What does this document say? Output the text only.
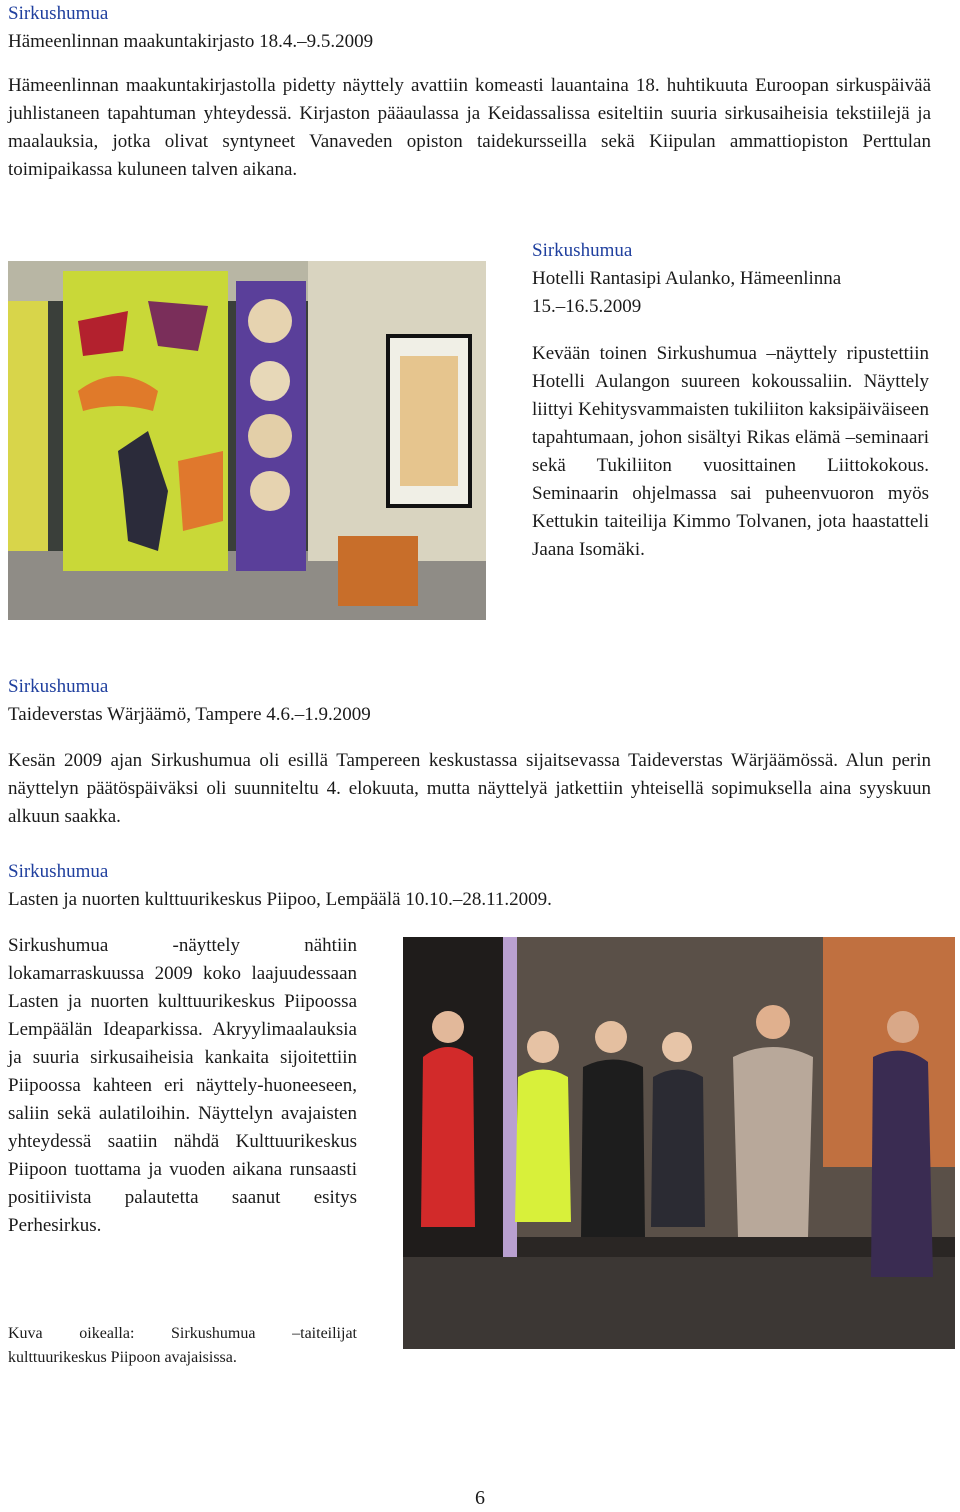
Sirkushumua
Hämeenlinnan maakuntakirjasto 18.4.–9.5.2009

Hämeenlinnan maakuntakirjastolla pidetty näyttely avattiin komeasti lauantaina 18. huhtikuuta Euroopan sirkuspäivää juhlistaneen tapahtuman yhteydessä. Kirjaston pääaulassa ja Keidassalissa esiteltiin suuria sirkusaiheisia tekstiilejä ja maalauksia, jotka olivat syntyneet Vanaveden opiston taidekursseilla sekä Kiipulan ammattiopiston Perttulan toimipaikassa kuluneen talven aikana.

Sirkushumua
Hotelli Rantasipi Aulanko, Hämeenlinna
15.–16.5.2009

Kevään toinen Sirkushumua –näyttely ripustettiin Hotelli Aulangon suureen kokoussaliin. Näyttely liittyi Kehitysvammaisten tukiliiton kaksipäiväiseen tapahtumaan, johon sisältyi Rikas elämä –seminaari sekä Tukiliiton vuosittainen Liittokokous. Seminaarin ohjelmassa sai puheenvuoron myös Kettukin taiteilija Kimmo Tolvanen, jota haastatteli Jaana Isomäki.

Sirkushumua
Taideverstas Wärjäämö, Tampere 4.6.–1.9.2009

Kesän 2009 ajan Sirkushumua oli esillä Tampereen keskustassa sijaitsevassa Taideverstas Wärjäämössä. Alun perin näyttelyn päätöspäiväksi oli suunniteltu 4. elokuuta, mutta näyttelyä jatkettiin yhteisellä sopimuksella aina syyskuun alkuun saakka.

Sirkushumua
Lasten ja nuorten kulttuurikeskus Piipoo, Lempäälä 10.10.–28.11.2009.

Sirkushumua -näyttely nähtiin lokamarraskuussa 2009 koko laajuudessaan Lasten ja nuorten kulttuurikeskus Piipoossa Lempäälän Ideaparkissa. Akryylimaalauksia ja suuria sirkusaiheisia kankaita sijoitettiin Piipoossa kahteen eri näyttely-huoneeseen, saliin sekä aulatiloihin. Näyttelyn avajaisten yhteydessä saatiin nähdä Kulttuurikeskus Piipoon tuottama ja vuoden aikana runsaasti positiivista palautetta saanut esitys Perhesirkus.

Kuva oikealla: Sirkushumua –taiteilijat kulttuurikeskus Piipoon avajaisissa.

6
